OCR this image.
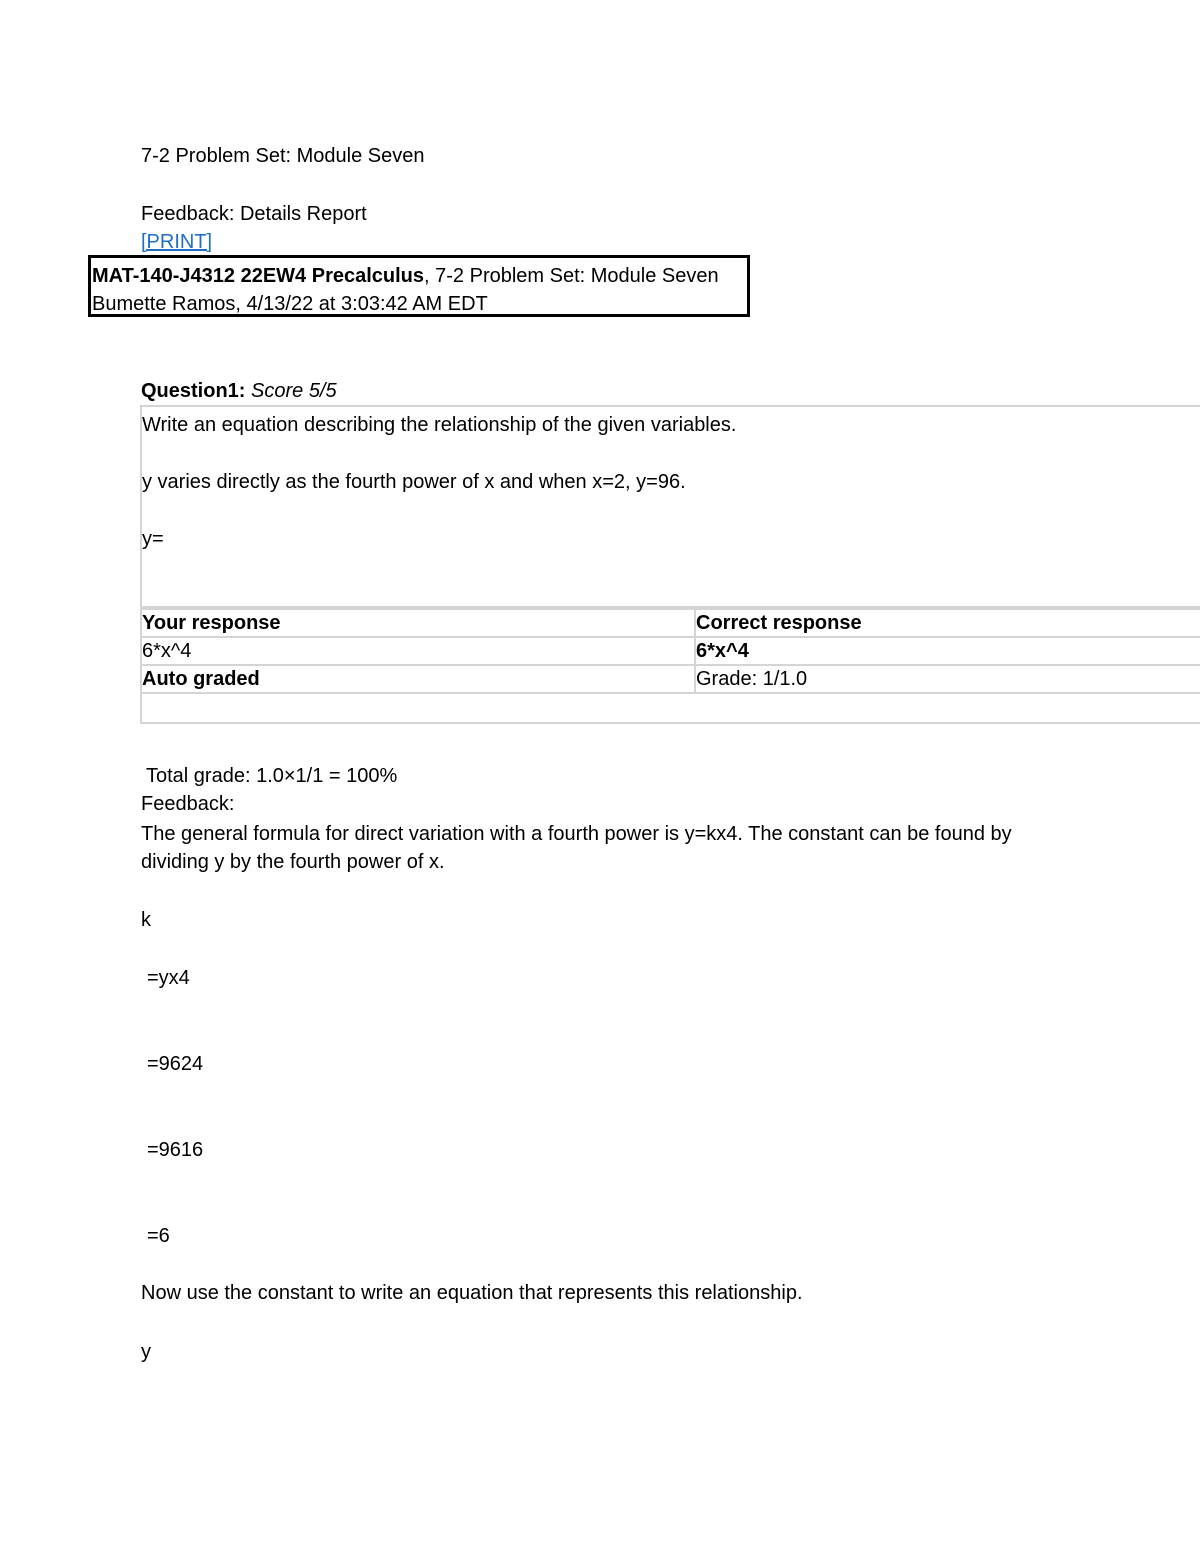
7-2 Problem Set: Module Seven
Feedback: Details Report
[PRINT]
MAT-140-J4312 22EW4 Precalculus, 7-2 Problem Set: Module Seven
Bumette Ramos, 4/13/22 at 3:03:42 AM EDT
Question1: Score 5/5
Write an equation describing the relationship of the given variables.
y varies directly as the fourth power of x and when x=2, y=96.
y=
Your response	Correct response
6*x^4	6*x^4
Auto graded	Grade: 1/1.0

Total grade: 1.0×1/1 = 100%
Feedback:
The general formula for direct variation with a fourth power is y=kx4. The constant can be found by dividing y by the fourth power of x.
k
=yx4
=9624
=9616
=6
Now use the constant to write an equation that represents this relationship.
y
